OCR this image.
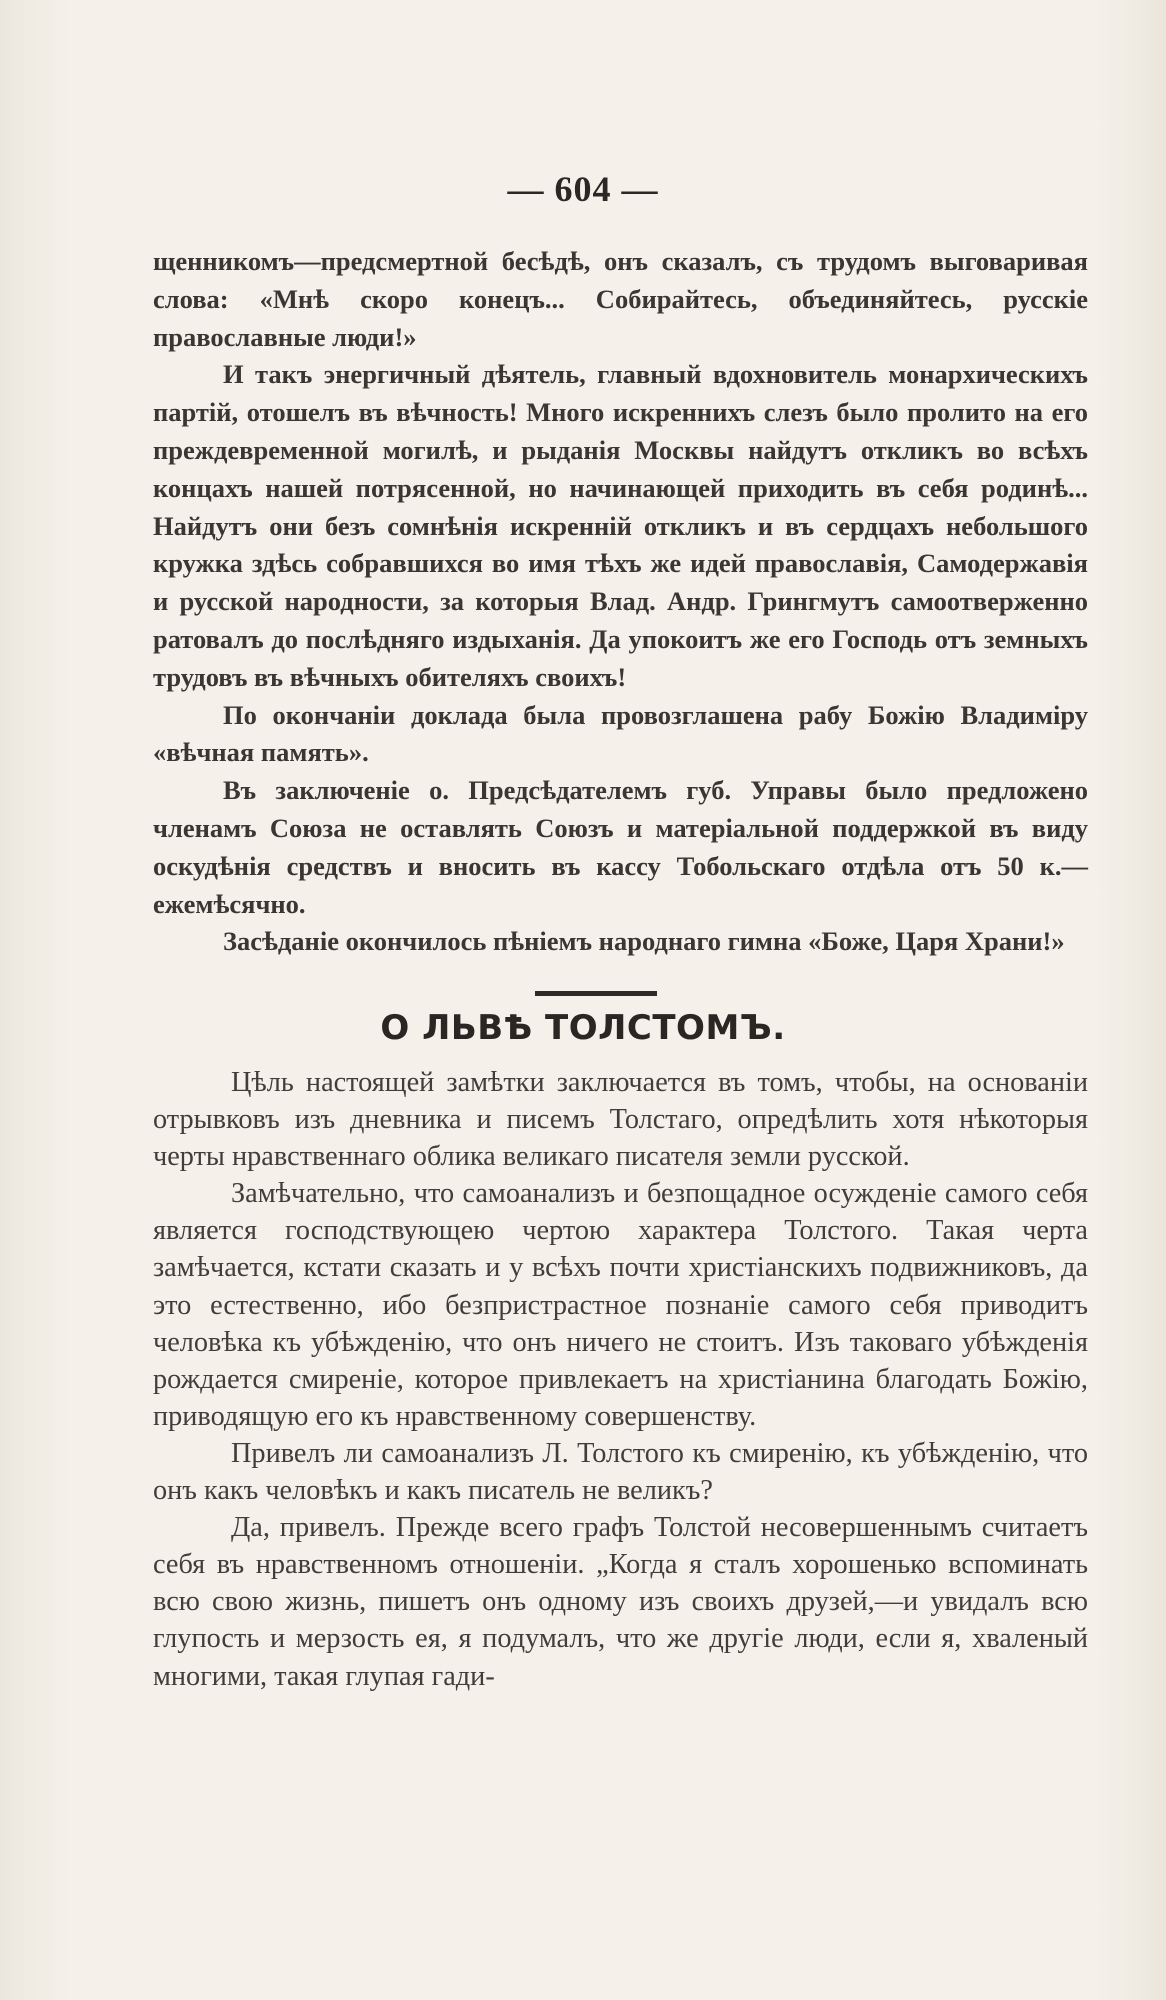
— 604 —

щенникомъ—предсмертной бесѣдѣ, онъ сказалъ, съ трудомъ выговаривая слова: «Мнѣ скоро конецъ... Собирайтесь, объединяйтесь, русскіе православные люди!»

И такъ энергичный дѣятель, главный вдохновитель монархическихъ партій, отошелъ въ вѣчность! Много искреннихъ слезъ было пролито на его преждевременной могилѣ, и рыданія Москвы найдутъ откликъ во всѣхъ концахъ нашей потрясенной, но начинающей приходить въ себя родинѣ... Найдутъ они безъ сомнѣнія искренній откликъ и въ сердцахъ небольшого кружка здѣсь собравшихся во имя тѣхъ же идей православія, Самодержавія и русской народности, за которыя Влад. Андр. Грингмутъ самоотверженно ратовалъ до послѣдняго издыханія. Да упокоитъ же его Господь отъ земныхъ трудовъ въ вѣчныхъ обителяхъ своихъ!

По окончаніи доклада была провозглашена рабу Божію Владиміру «вѣчная память».

Въ заключеніе о. Предсѣдателемъ губ. Управы было предложено членамъ Союза не оставлять Союзъ и матеріальной поддержкой въ виду оскудѣнія средствъ и вносить въ кассу Тобольскаго отдѣла отъ 50 к.—ежемѣсячно.

Засѣданіе окончилось пѣніемъ народнаго гимна «Боже, Царя Храни!»

О ЛЬВѢ ТОЛСТОМЪ.

Цѣль настоящей замѣтки заключается въ томъ, чтобы, на основаніи отрывковъ изъ дневника и писемъ Толстаго, опредѣлить хотя нѣкоторыя черты нравственнаго облика великаго писателя земли русской.

Замѣчательно, что самоанализъ и безпощадное осужденіе самого себя является господствующею чертою характера Толстого. Такая черта замѣчается, кстати сказать и у всѣхъ почти христіанскихъ подвижниковъ, да это естественно, ибо безпристрастное познаніе самого себя приводитъ человѣка къ убѣжденію, что онъ ничего не стоитъ. Изъ таковаго убѣжденія рождается смиреніе, которое привлекаетъ на христіанина благодать Божію, приводящую его къ нравственному совершенству.

Привелъ ли самоанализъ Л. Толстого къ смиренію, къ убѣжденію, что онъ какъ человѣкъ и какъ писатель не великъ?

Да, привелъ. Прежде всего графъ Толстой несовершеннымъ считаетъ себя въ нравственномъ отношеніи. „Когда я сталъ хорошенько вспоминать всю свою жизнь, пишетъ онъ одному изъ своихъ друзей,—и увидалъ всю глупость и мерзость ея, я подумалъ, что же другіе люди, если я, хваленый многими, такая глупая гади-
